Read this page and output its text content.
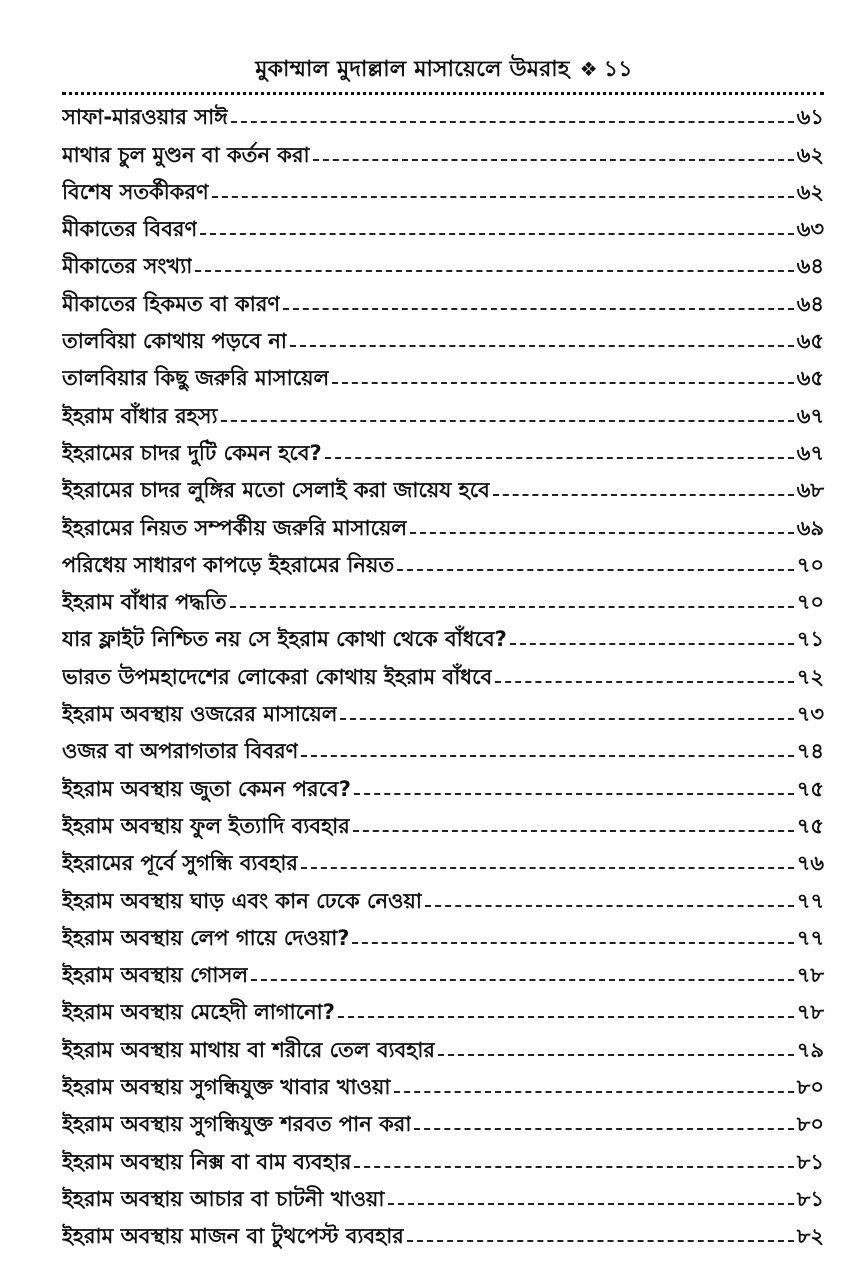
মুকাম্মাল মুদাল্লাল মাসায়েলে উমরাহ ❖ ১১
সাফা-মারওয়ার সাঈ	৬১
মাথার চুল মুণ্ডন বা কর্তন করা	৬২
বিশেষ সতর্কীকরণ	৬২
মীকাতের বিবরণ	৬৩
মীকাতের সংখ্যা	৬৪
মীকাতের হিকমত বা কারণ	৬৪
তালবিয়া কোথায় পড়বে না	৬৫
তালবিয়ার কিছু জরুরি মাসায়েল	৬৫
ইহরাম বাঁধার রহস্য	৬৭
ইহরামের চাদর দুটি কেমন হবে?	৬৭
ইহরামের চাদর লুঙ্গির মতো সেলাই করা জায়েয হবে	৬৮
ইহরামের নিয়ত সম্পর্কীয় জরুরি মাসায়েল	৬৯
পরিধেয় সাধারণ কাপড়ে ইহরামের নিয়ত	৭০
ইহরাম বাঁধার পদ্ধতি	৭০
যার ফ্লাইট নিশ্চিত নয় সে ইহরাম কোথা থেকে বাঁধবে?	৭১
ভারত উপমহাদেশের লোকেরা কোথায় ইহরাম বাঁধবে	৭২
ইহরাম অবস্থায় ওজরের মাসায়েল	৭৩
ওজর বা অপরাগতার বিবরণ	৭৪
ইহরাম অবস্থায় জুতা কেমন পরবে?	৭৫
ইহরাম অবস্থায় ফুল ইত্যাদি ব্যবহার	৭৫
ইহরামের পূর্বে সুগন্ধি ব্যবহার	৭৬
ইহরাম অবস্থায় ঘাড় এবং কান ঢেকে নেওয়া	৭৭
ইহরাম অবস্থায় লেপ গায়ে দেওয়া?	৭৭
ইহরাম অবস্থায় গোসল	৭৮
ইহরাম অবস্থায় মেহেদী লাগানো?	৭৮
ইহরাম অবস্থায় মাথায় বা শরীরে তেল ব্যবহার	৭৯
ইহরাম অবস্থায় সুগন্ধিযুক্ত খাবার খাওয়া	৮০
ইহরাম অবস্থায় সুগন্ধিযুক্ত শরবত পান করা	৮০
ইহরাম অবস্থায় নিক্স বা বাম ব্যবহার	৮১
ইহরাম অবস্থায় আচার বা চাটনী খাওয়া	৮১
ইহরাম অবস্থায় মাজন বা টুথপেস্ট ব্যবহার	৮২
